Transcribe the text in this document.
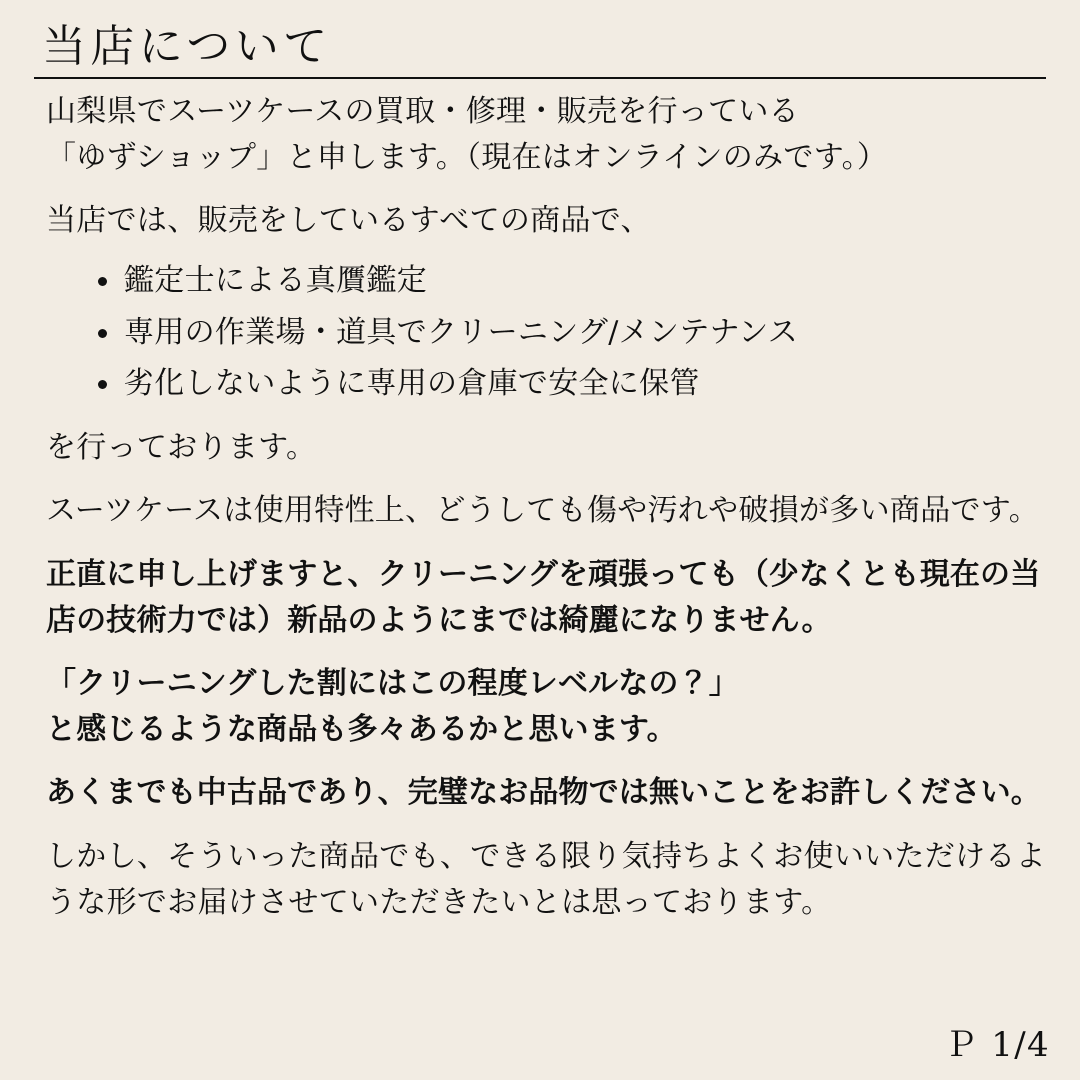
当店について

山梨県でスーツケースの買取・修理・販売を行っている
「ゆずショップ」と申します。（現在はオンラインのみです。）

当店では、販売をしているすべての商品で、

鑑定士による真贋鑑定
専用の作業場・道具でクリーニング/メンテナンス
劣化しないように専用の倉庫で安全に保管

を行っております。

スーツケースは使用特性上、どうしても傷や汚れや破損が多い商品です。

正直に申し上げますと、クリーニングを頑張っても（少なくとも現在の当店の技術力では）新品のようにまでは綺麗になりません。

「クリーニングした割にはこの程度レベルなの？」
と感じるような商品も多々あるかと思います。

あくまでも中古品であり、完璧なお品物では無いことをお許しください。

しかし、そういった商品でも、できる限り気持ちよくお使いいただけるような形でお届けさせていただきたいとは思っております。

Ｐ 1/4
